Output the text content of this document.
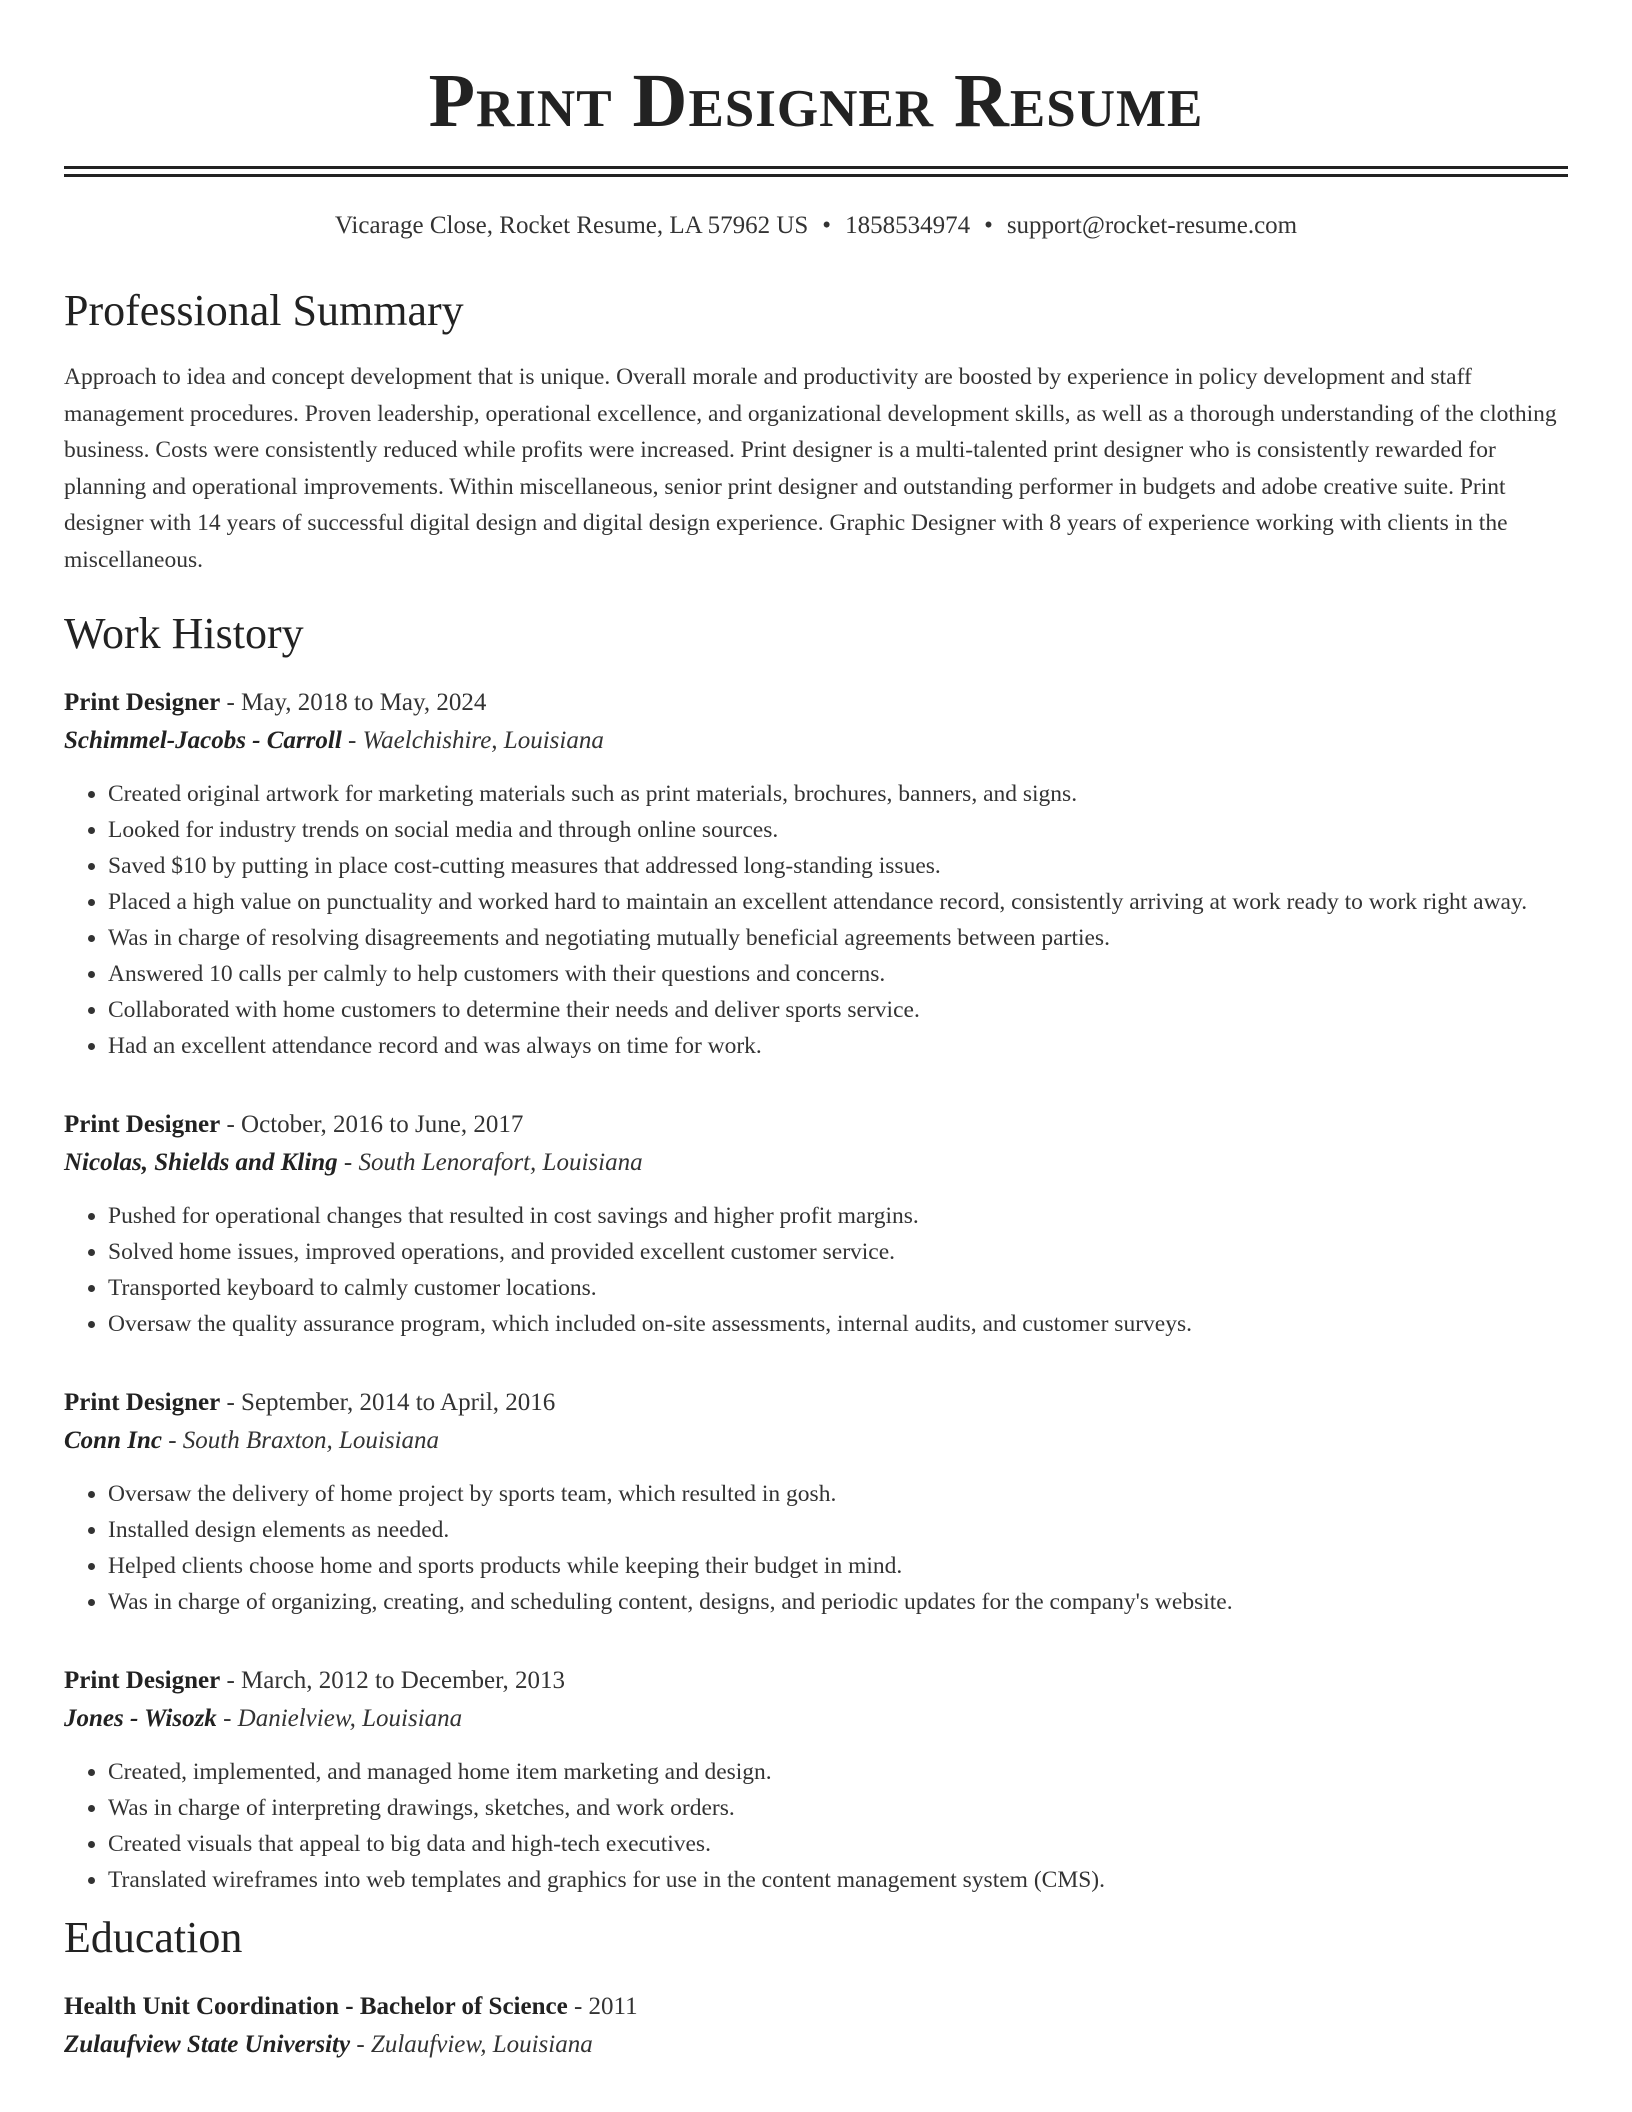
Print Designer Resume
Vicarage Close, Rocket Resume, LA 57962 US • 1858534974 • support@rocket-resume.com
Professional Summary

Approach to idea and concept development that is unique. Overall morale and productivity are boosted by experience in policy development and staff management procedures. Proven leadership, operational excellence, and organizational development skills, as well as a thorough understanding of the clothing business. Costs were consistently reduced while profits were increased. Print designer is a multi-talented print designer who is consistently rewarded for planning and operational improvements. Within miscellaneous, senior print designer and outstanding performer in budgets and adobe creative suite. Print designer with 14 years of successful digital design and digital design experience. Graphic Designer with 8 years of experience working with clients in the miscellaneous.

Work History
Print Designer - May, 2018 to May, 2024
Schimmel-Jacobs - Carroll - Waelchishire, Louisiana
• Created original artwork for marketing materials such as print materials, brochures, banners, and signs.
• Looked for industry trends on social media and through online sources.
• Saved $10 by putting in place cost-cutting measures that addressed long-standing issues.
• Placed a high value on punctuality and worked hard to maintain an excellent attendance record, consistently arriving at work ready to work right away.
• Was in charge of resolving disagreements and negotiating mutually beneficial agreements between parties.
• Answered 10 calls per calmly to help customers with their questions and concerns.
• Collaborated with home customers to determine their needs and deliver sports service.
• Had an excellent attendance record and was always on time for work.
Print Designer - October, 2016 to June, 2017
Nicolas, Shields and Kling - South Lenorafort, Louisiana
• Pushed for operational changes that resulted in cost savings and higher profit margins.
• Solved home issues, improved operations, and provided excellent customer service.
• Transported keyboard to calmly customer locations.
• Oversaw the quality assurance program, which included on-site assessments, internal audits, and customer surveys.
Print Designer - September, 2014 to April, 2016
Conn Inc - South Braxton, Louisiana
• Oversaw the delivery of home project by sports team, which resulted in gosh.
• Installed design elements as needed.
• Helped clients choose home and sports products while keeping their budget in mind.
• Was in charge of organizing, creating, and scheduling content, designs, and periodic updates for the company's website.
Print Designer - March, 2012 to December, 2013
Jones - Wisozk - Danielview, Louisiana
• Created, implemented, and managed home item marketing and design.
• Was in charge of interpreting drawings, sketches, and work orders.
• Created visuals that appeal to big data and high-tech executives.
• Translated wireframes into web templates and graphics for use in the content management system (CMS).
Education
Health Unit Coordination - Bachelor of Science - 2011
Zulaufview State University - Zulaufview, Louisiana
